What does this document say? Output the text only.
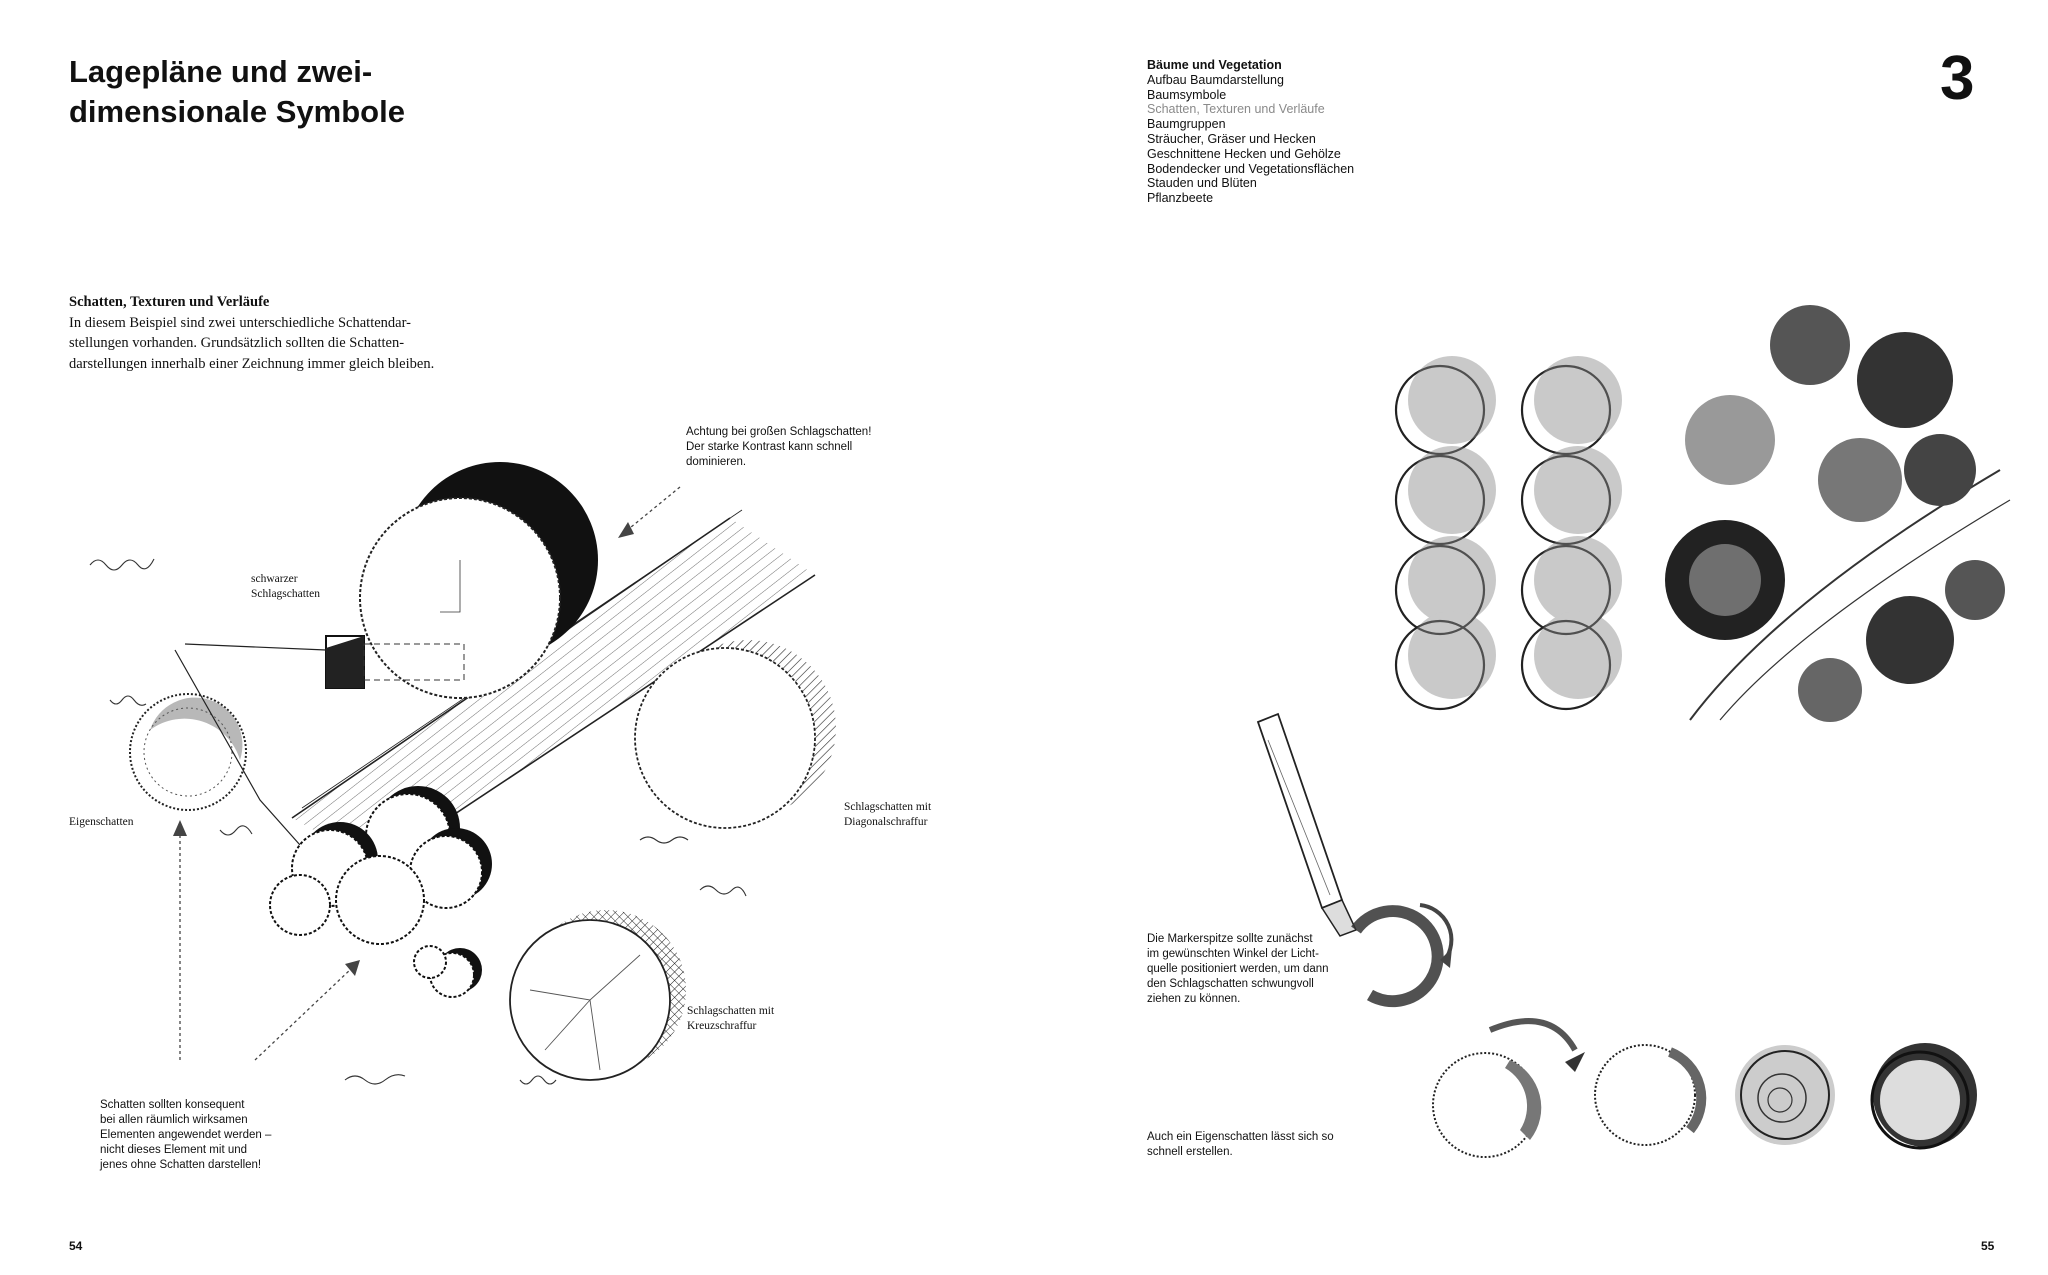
Lagepläne und zwei-
dimensionale Symbole
Schatten, Texturen und Verläufe
In diesem Beispiel sind zwei unterschiedliche Schattendar-
stellungen vorhanden. Grundsätzlich sollten die Schatten-
darstellungen innerhalb einer Zeichnung immer gleich bleiben.
Achtung bei großen Schlagschatten!
Der starke Kontrast kann schnell
dominieren.
schwarzer
Schlagschatten
Eigenschatten
Schlagschatten mit
Diagonalschraffur
Schlagschatten mit
Kreuzschraffur
Schatten sollten konsequent
bei allen räumlich wirksamen
Elementen angewendet werden –
nicht dieses Element mit und
jenes ohne Schatten darstellen!
54
Bäume und Vegetation
Aufbau Baumdarstellung
Baumsymbole
Schatten, Texturen und Verläufe
Baumgruppen
Sträucher, Gräser und Hecken
Geschnittene Hecken und Gehölze
Bodendecker und Vegetationsflächen
Stauden und Blüten
Pflanzbeete
3
Die Markerspitze sollte zunächst
im gewünschten Winkel der Licht-
quelle positioniert werden, um dann
den Schlagschatten schwungvoll
ziehen zu können.
Auch ein Eigenschatten lässt sich so
schnell erstellen.
55
